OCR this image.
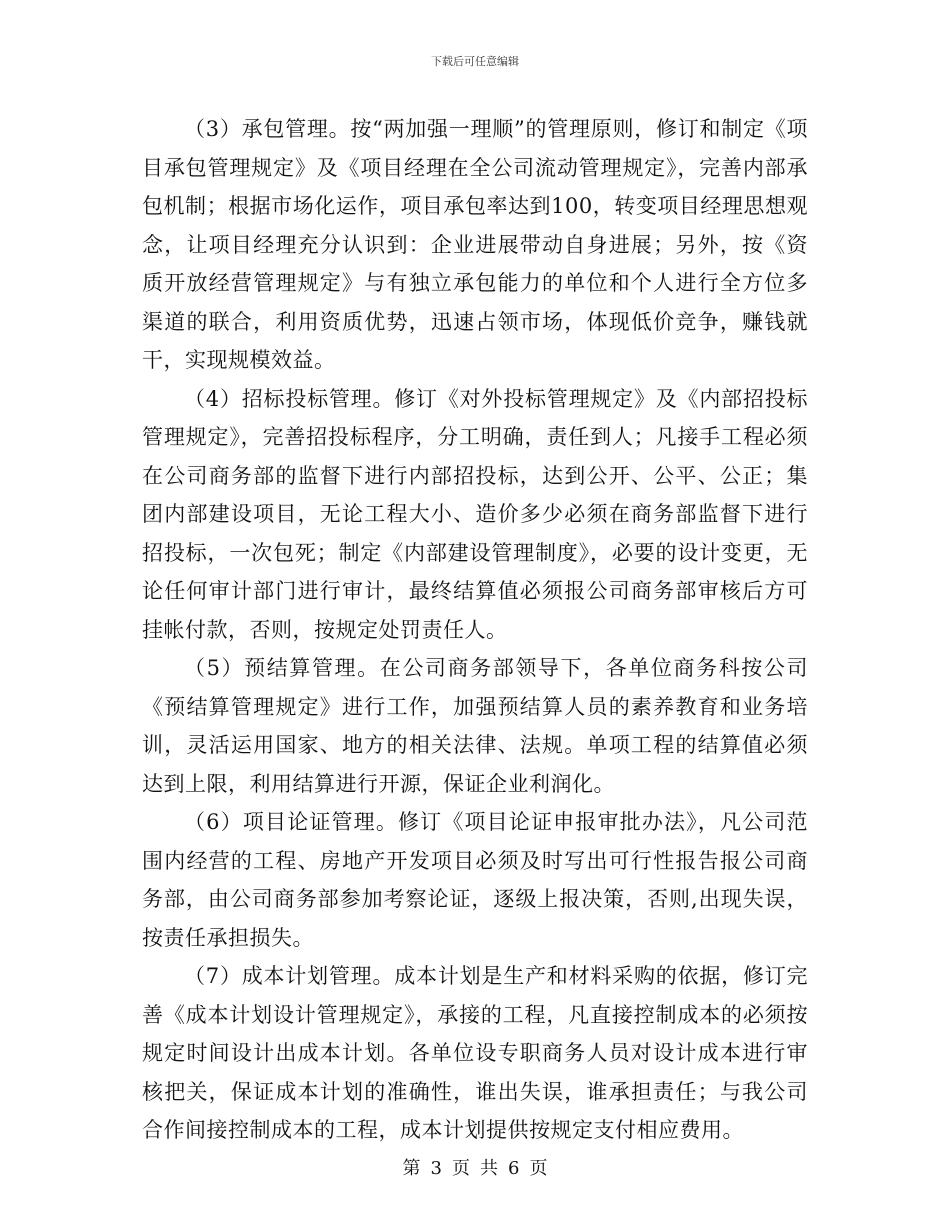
下载后可任意编辑

（3）承包管理。按“两加强一理顺”的管理原则，修订和制定《项目承包管理规定》及《项目经理在全公司流动管理规定》，完善内部承包机制；根据市场化运作，项目承包率达到100，转变项目经理思想观念，让项目经理充分认识到：企业进展带动自身进展；另外，按《资质开放经营管理规定》与有独立承包能力的单位和个人进行全方位多渠道的联合，利用资质优势，迅速占领市场，体现低价竞争，赚钱就干，实现规模效益。

（4）招标投标管理。修订《对外投标管理规定》及《内部招投标管理规定》，完善招投标程序，分工明确，责任到人；凡接手工程必须在公司商务部的监督下进行内部招投标，达到公开、公平、公正；集团内部建设项目，无论工程大小、造价多少必须在商务部监督下进行招投标，一次包死；制定《内部建设管理制度》，必要的设计变更，无论任何审计部门进行审计，最终结算值必须报公司商务部审核后方可挂帐付款，否则，按规定处罚责任人。

（5）预结算管理。在公司商务部领导下，各单位商务科按公司《预结算管理规定》进行工作，加强预结算人员的素养教育和业务培训，灵活运用国家、地方的相关法律、法规。单项工程的结算值必须达到上限，利用结算进行开源，保证企业利润化。

（6）项目论证管理。修订《项目论证申报审批办法》，凡公司范围内经营的工程、房地产开发项目必须及时写出可行性报告报公司商务部，由公司商务部参加考察论证，逐级上报决策，否则,出现失误，按责任承担损失。

（7）成本计划管理。成本计划是生产和材料采购的依据，修订完善《成本计划设计管理规定》，承接的工程，凡直接控制成本的必须按规定时间设计出成本计划。各单位设专职商务人员对设计成本进行审核把关，保证成本计划的准确性，谁出失误，谁承担责任；与我公司合作间接控制成本的工程，成本计划提供按规定支付相应费用。

第 3 页 共 6 页
